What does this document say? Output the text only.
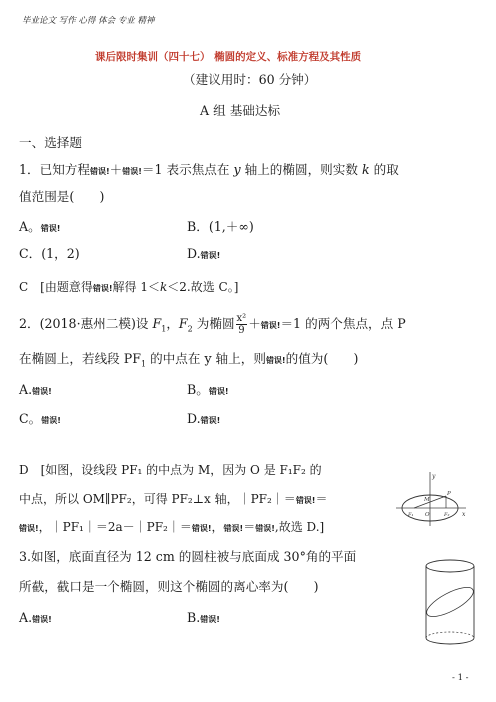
毕业论文 写作 心得 体会 专业 精神
课后限时集训（四十七） 椭圆的定义、标准方程及其性质
（建议用时：60 分钟）
A 组 基础达标
一、选择题
1．已知方程错误!＋错误!＝1 表示焦点在 y 轴上的椭圆，则实数 k 的取
值范围是(　　)
A。错误!	B．(1,＋∞)
C．(1，2)	D.错误!
C　[由题意得错误!解得 1＜k＜2.故选 C。]
2．(2018·惠州二模)设 $F_1$，$F_2$ 为椭圆 $\frac{\text{x²}}{9}$ ＋错误!＝1 的两个焦点，点 P
在椭圆上，若线段 $PF_1$ 的中点在 y 轴上，则错误!的值为(　　)
A.错误!	B。错误!
C。错误!	D.错误!
D　[如图，设线段 PF₁ 的中点为 M，因为 O 是 F₁F₂ 的
中点，所以 OM∥PF₂，可得 PF₂⊥x 轴，｜PF₂｜＝错误!＝
错误!，｜PF₁｜＝2a－｜PF₂｜＝错误!，错误!＝错误!,故选 D.]
y
x
O
M
P
F₁	F₂
3.如图，底面直径为 12 cm 的圆柱被与底面成 30°角的平面
所截，截口是一个椭圆，则这个椭圆的离心率为(　　)
A.错误!	B.错误!
- 1 -
